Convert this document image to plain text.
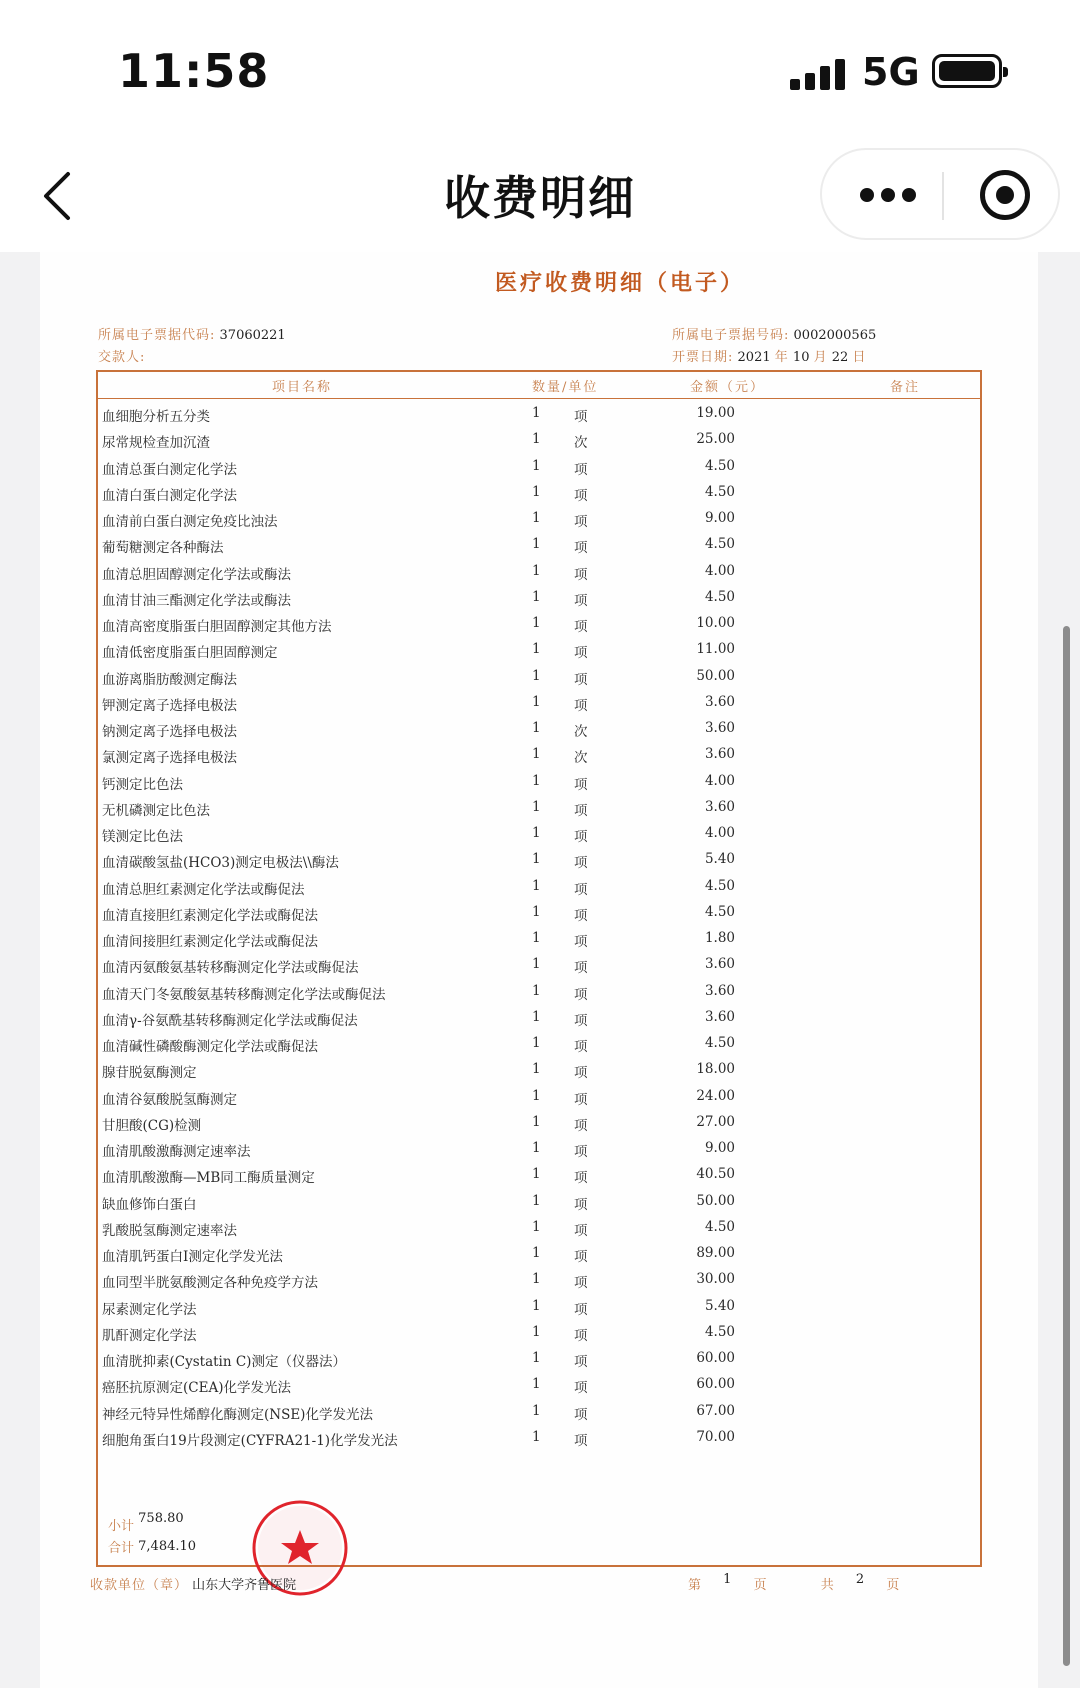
11:58	5G
收费明细
医疗收费明细（电子）
所属电子票据代码: 37060221
交款人:
所属电子票据号码: 0002000565
开票日期: 2021 年 10 月 22 日
项目名称	数量/单位	金额（元）	备注
血细胞分析五分类	1 项	19.00
尿常规检查加沉渣	1 次	25.00
血清总蛋白测定化学法	1 项	4.50
血清白蛋白测定化学法	1 项	4.50
血清前白蛋白测定免疫比浊法	1 项	9.00
葡萄糖测定各种酶法	1 项	4.50
血清总胆固醇测定化学法或酶法	1 项	4.00
血清甘油三酯测定化学法或酶法	1 项	4.50
血清高密度脂蛋白胆固醇测定其他方法	1 项	10.00
血清低密度脂蛋白胆固醇测定	1 项	11.00
血游离脂肪酸测定酶法	1 项	50.00
钾测定离子选择电极法	1 项	3.60
钠测定离子选择电极法	1 次	3.60
氯测定离子选择电极法	1 次	3.60
钙测定比色法	1 项	4.00
无机磷测定比色法	1 项	3.60
镁测定比色法	1 项	4.00
血清碳酸氢盐(HCO3)测定电极法\\酶法	1 项	5.40
血清总胆红素测定化学法或酶促法	1 项	4.50
血清直接胆红素测定化学法或酶促法	1 项	4.50
血清间接胆红素测定化学法或酶促法	1 项	1.80
血清丙氨酸氨基转移酶测定化学法或酶促法	1 项	3.60
血清天门冬氨酸氨基转移酶测定化学法或酶促法	1 项	3.60
血清γ-谷氨酰基转移酶测定化学法或酶促法	1 项	3.60
血清碱性磷酸酶测定化学法或酶促法	1 项	4.50
腺苷脱氨酶测定	1 项	18.00
血清谷氨酸脱氢酶测定	1 项	24.00
甘胆酸(CG)检测	1 项	27.00
血清肌酸激酶测定速率法	1 项	9.00
血清肌酸激酶—MB同工酶质量测定	1 项	40.50
缺血修饰白蛋白	1 项	50.00
乳酸脱氢酶测定速率法	1 项	4.50
血清肌钙蛋白Ⅰ测定化学发光法	1 项	89.00
血同型半胱氨酸测定各种免疫学方法	1 项	30.00
尿素测定化学法	1 项	5.40
肌酐测定化学法	1 项	4.50
血清胱抑素(Cystatin C)测定（仪器法）	1 项	60.00
癌胚抗原测定(CEA)化学发光法	1 项	60.00
神经元特异性烯醇化酶测定(NSE)化学发光法	1 项	67.00
细胞角蛋白19片段测定(CYFRA21-1)化学发光法	1 项	70.00
小计 758.80
合计 7,484.10
收款单位（章） 山东大学齐鲁医院	第 1 页	共 2 页
